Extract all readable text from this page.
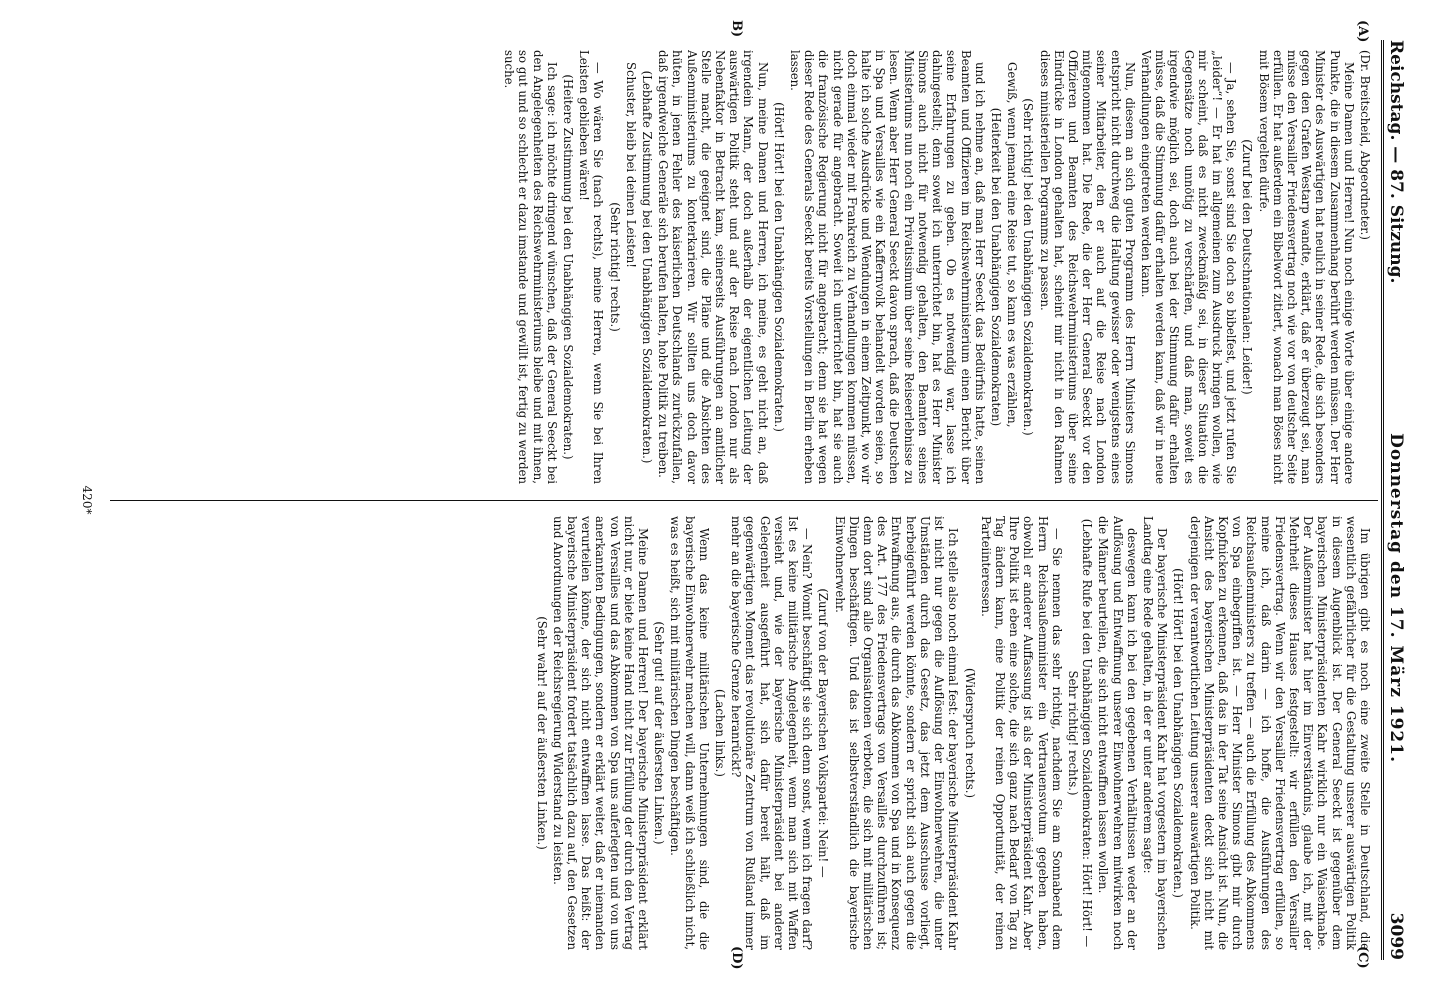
Reichstag. — 87. Sitzung.
Donnerstag den 17. März 1921.
3099
(A)
B)
(C)
(D)

(Dr. Breitscheid, Abgeordneter.)

Meine Damen und Herren! Nun noch einige Worte über einige andere Punkte, die in diesem Zusammenhang berührt werden müssen. Der Herr Minister des Auswärtigen hat neulich in seiner Rede, die sich besonders gegen den Grafen Westarp wandte, erklärt, daß er überzeugt sei, man müsse den Versailler Friedensvertrag noch wie vor von deutscher Seite erfüllen. Er hat außerdem ein Bibelwort zitiert, wonach man Böses nicht mit Bösem vergelten dürfe.

(Zuruf bei den Deutschnationalen: Leider!)

— Ja, sehen Sie, sonst sind Sie doch so bibelfest, und jetzt rufen Sie „leider“! — Er hat im allgemeinen zum Ausdruck bringen wollen, wie mir scheint, daß es nicht zweckmäßig sei, in dieser Situation die Gegensätze noch unnötig zu verschärfen, und daß man, soweit es irgendwie möglich sei, doch auch bei der Stimmung dafür erhalten müsse, daß die Stimmung dafür erhalten werden kann, daß wir in neue Verhandlungen eingetreten werden kann.

Nun, diesem an sich guten Programm des Herrn Ministers Simons entspricht nicht durchweg die Haltung gewisser oder wenigstens eines seiner Mitarbeiter, den er auch auf die Reise nach London mitgenommen hat. Die Rede, die der Herr General Seeckt vor den Offizieren und Beamten des Reichswehrministeriums über seine Eindrücke in London gehalten hat, scheint mir nicht in den Rahmen dieses ministeriellen Programms zu passen.

(Sehr richtig! bei den Unabhängigen Sozialdemokraten.)

Gewiß, wenn jemand eine Reise tut, so kann es was erzählen,

(Heiterkeit bei den Unabhängigen Sozialdemokraten)

und ich nehme an, daß man Herr Seeckt das Bedürfnis hatte, seinen Beamten und Offizieren im Reichswehrministerium einen Bericht über seine Erfahrungen zu geben. Ob es notwendig war, lasse ich dahingestellt; denn soweit ich unterrichtet bin, hat es Herr Minister Simons auch nicht für notwendig gehalten, den Beamten seines Ministeriums nun noch ein Privatissimum über seine Reiseerlebnisse zu lesen. Wenn aber Herr General Seeckt davon sprach, daß die Deutschen in Spa und Versailles wie ein Kaffernvolk behandelt worden seien, so halte ich solche Ausdrücke und Wendungen in einem Zeitpunkt, wo wir doch einmal wieder mit Frankreich zu Verhandlungen kommen müssen, nicht gerade für angebracht. Soweit ich unterrichtet bin, hat sie auch die französische Regierung nicht für angebracht; denn sie hat wegen dieser Rede des Generals Seeckt bereits Vorstellungen in Berlin erheben lassen.

(Hört! Hört! bei den Unabhängigen Sozialdemokraten.)

Nun, meine Damen und Herren, ich meine, es geht nicht an, daß irgendein Mann, der doch außerhalb der eigentlichen Leitung der auswärtigen Politik steht und auf der Reise nach London nur als Nebenfaktor in Betracht kam, seinerseits Ausführungen an amtlicher Stelle macht, die geeignet sind, die Pläne und die Absichten des Außenministeriums zu konterkarieren. Wir sollten uns doch davor hüten, in jenen Fehler des kaiserlichen Deutschlands zurückzufallen, daß irgendwelche Generäle sich berufen halten, hohe Politik zu treiben.

(Lebhafte Zustimmung bei den Unabhängigen Sozialdemokraten.)

Schuster, bleib bei deinen Leisten!

(Sehr richtig! rechts.)

— Wo wären Sie (nach rechts), meine Herren, wenn Sie bei Ihren Leisten geblieben wären!

(Heitere Zustimmung bei den Unabhängigen Sozialdemokraten.)

Ich sage: ich möchte dringend wünschen, daß der General Seeckt bei den Angelegenheiten des Reichswehrministeriums bleibe und mit ihnen, so gut und so schlecht er dazu imstande und gewillt ist, fertig zu werden suche.

Im übrigen gibt es noch eine zweite Stelle in Deutschland, die wesentlich gefährlicher für die Gestaltung unserer auswärtigen Politik in diesem Augenblick ist. Der General Seeckt ist gegenüber dem bayerischen Ministerpräsidenten Kahr wirklich nur ein Waisenknabe. Der Außenminister hat hier im Einverständnis, glaube ich, mit der Mehrheit dieses Hauses festgestellt: wir erfüllen den Versailler Friedensvertrag. Wenn wir den Versailler Friedensvertrag erfüllen, so meine ich, daß darin — ich hoffe, die Ausführungen des Reichsaußenministers zu treffen — auch die Erfüllung des Abkommens von Spa einbegriffen ist. — Herr Minister Simons gibt mir durch Kopfnicken zu erkennen, daß das in der Tat seine Ansicht ist. Nun, die Ansicht des bayerischen Ministerpräsidenten deckt sich nicht mit derjenigen der verantwortlichen Leitung unserer auswärtigen Politik.

(Hört! Hört! bei den Unabhängigen Sozialdemokraten.)

Der bayerische Ministerpräsident Kahr hat vorgestern im bayerischen Landtag eine Rede gehalten, in der er unter anderem sagte:

deswegen kann ich bei den gegebenen Verhältnissen weder an der Auflösung und Entwaffnung unserer Einwohnerwehren mitwirken noch die Männer beurteilen, die sich nicht entwaffnen lassen wollen.

(Lebhafte Rufe bei den Unabhängigen Sozialdemokraten: Hört! Hört! — Sehr richtig! rechts.)

— Sie nennen das sehr richtig, nachdem Sie am Sonnabend dem Herrn Reichsaußenminister ein Vertrauensvotum gegeben haben, obwohl er anderer Auffassung ist als der Ministerpräsident Kahr. Aber Ihre Politik ist eben eine solche, die sich ganz nach Bedarf von Tag zu Tag ändern kann, eine Politik der reinen Opportunität, der reinen Parteiinteressen.

(Widerspruch rechts.)

Ich stelle also noch einmal fest: der bayerische Ministerpräsident Kahr ist nicht nur gegen die Auflösung der Einwohnerwehren, die unter Umständen durch das Gesetz, das jetzt dem Ausschusse vorliegt, herbeigeführt werden könnte, sondern er spricht sich auch gegen die Entwaffnung aus, die durch das Abkommen von Spa und in Konsequenz des Art. 177 des Friedensvertrags von Versailles durchzuführen ist; denn dort sind alle Organisationen verboten, die sich mit militärischen Dingen beschäftigen. Und das ist selbstverständlich die bayerische Einwohnerwehr.

(Zuruf von der Bayerischen Volkspartei: Nein! —

— Nein? Womit beschäftigt sie sich denn sonst, wenn ich fragen darf? Ist es keine militärische Angelegenheit, wenn man sich mit Waffen versieht und, wie der bayerische Ministerpräsident bei anderer Gelegenheit ausgeführt hat, sich dafür bereit hält, daß im gegenwärtigen Moment das revolutionäre Zentrum von Rußland immer mehr an die bayerische Grenze heranrückt?

(Lachen links.)

Wenn das keine militärischen Unternehmungen sind, die die bayerische Einwohnerwehr machen will, dann weiß ich schließlich nicht, was es heißt, sich mit militärischen Dingen beschäftigen.

(Sehr gut! auf der äußersten Linken.)

Meine Damen und Herren! Der bayerische Ministerpräsident erklärt nicht nur, er biete keine Hand nicht zur Erfüllung der durch den Vertrag von Versailles und das Abkommen von Spa uns auferlegten und von uns anerkannten Bedingungen, sondern er erklärt weiter, daß er niemanden verurteilen könne, der sich nicht entwaffnen lasse. Das heißt: der bayerische Ministerpräsident fordert tatsächlich dazu auf, den Gesetzen und Anordnungen der Reichsregierung Widerstand zu leisten.

(Sehr wahr! auf der äußersten Linken.)

420*
